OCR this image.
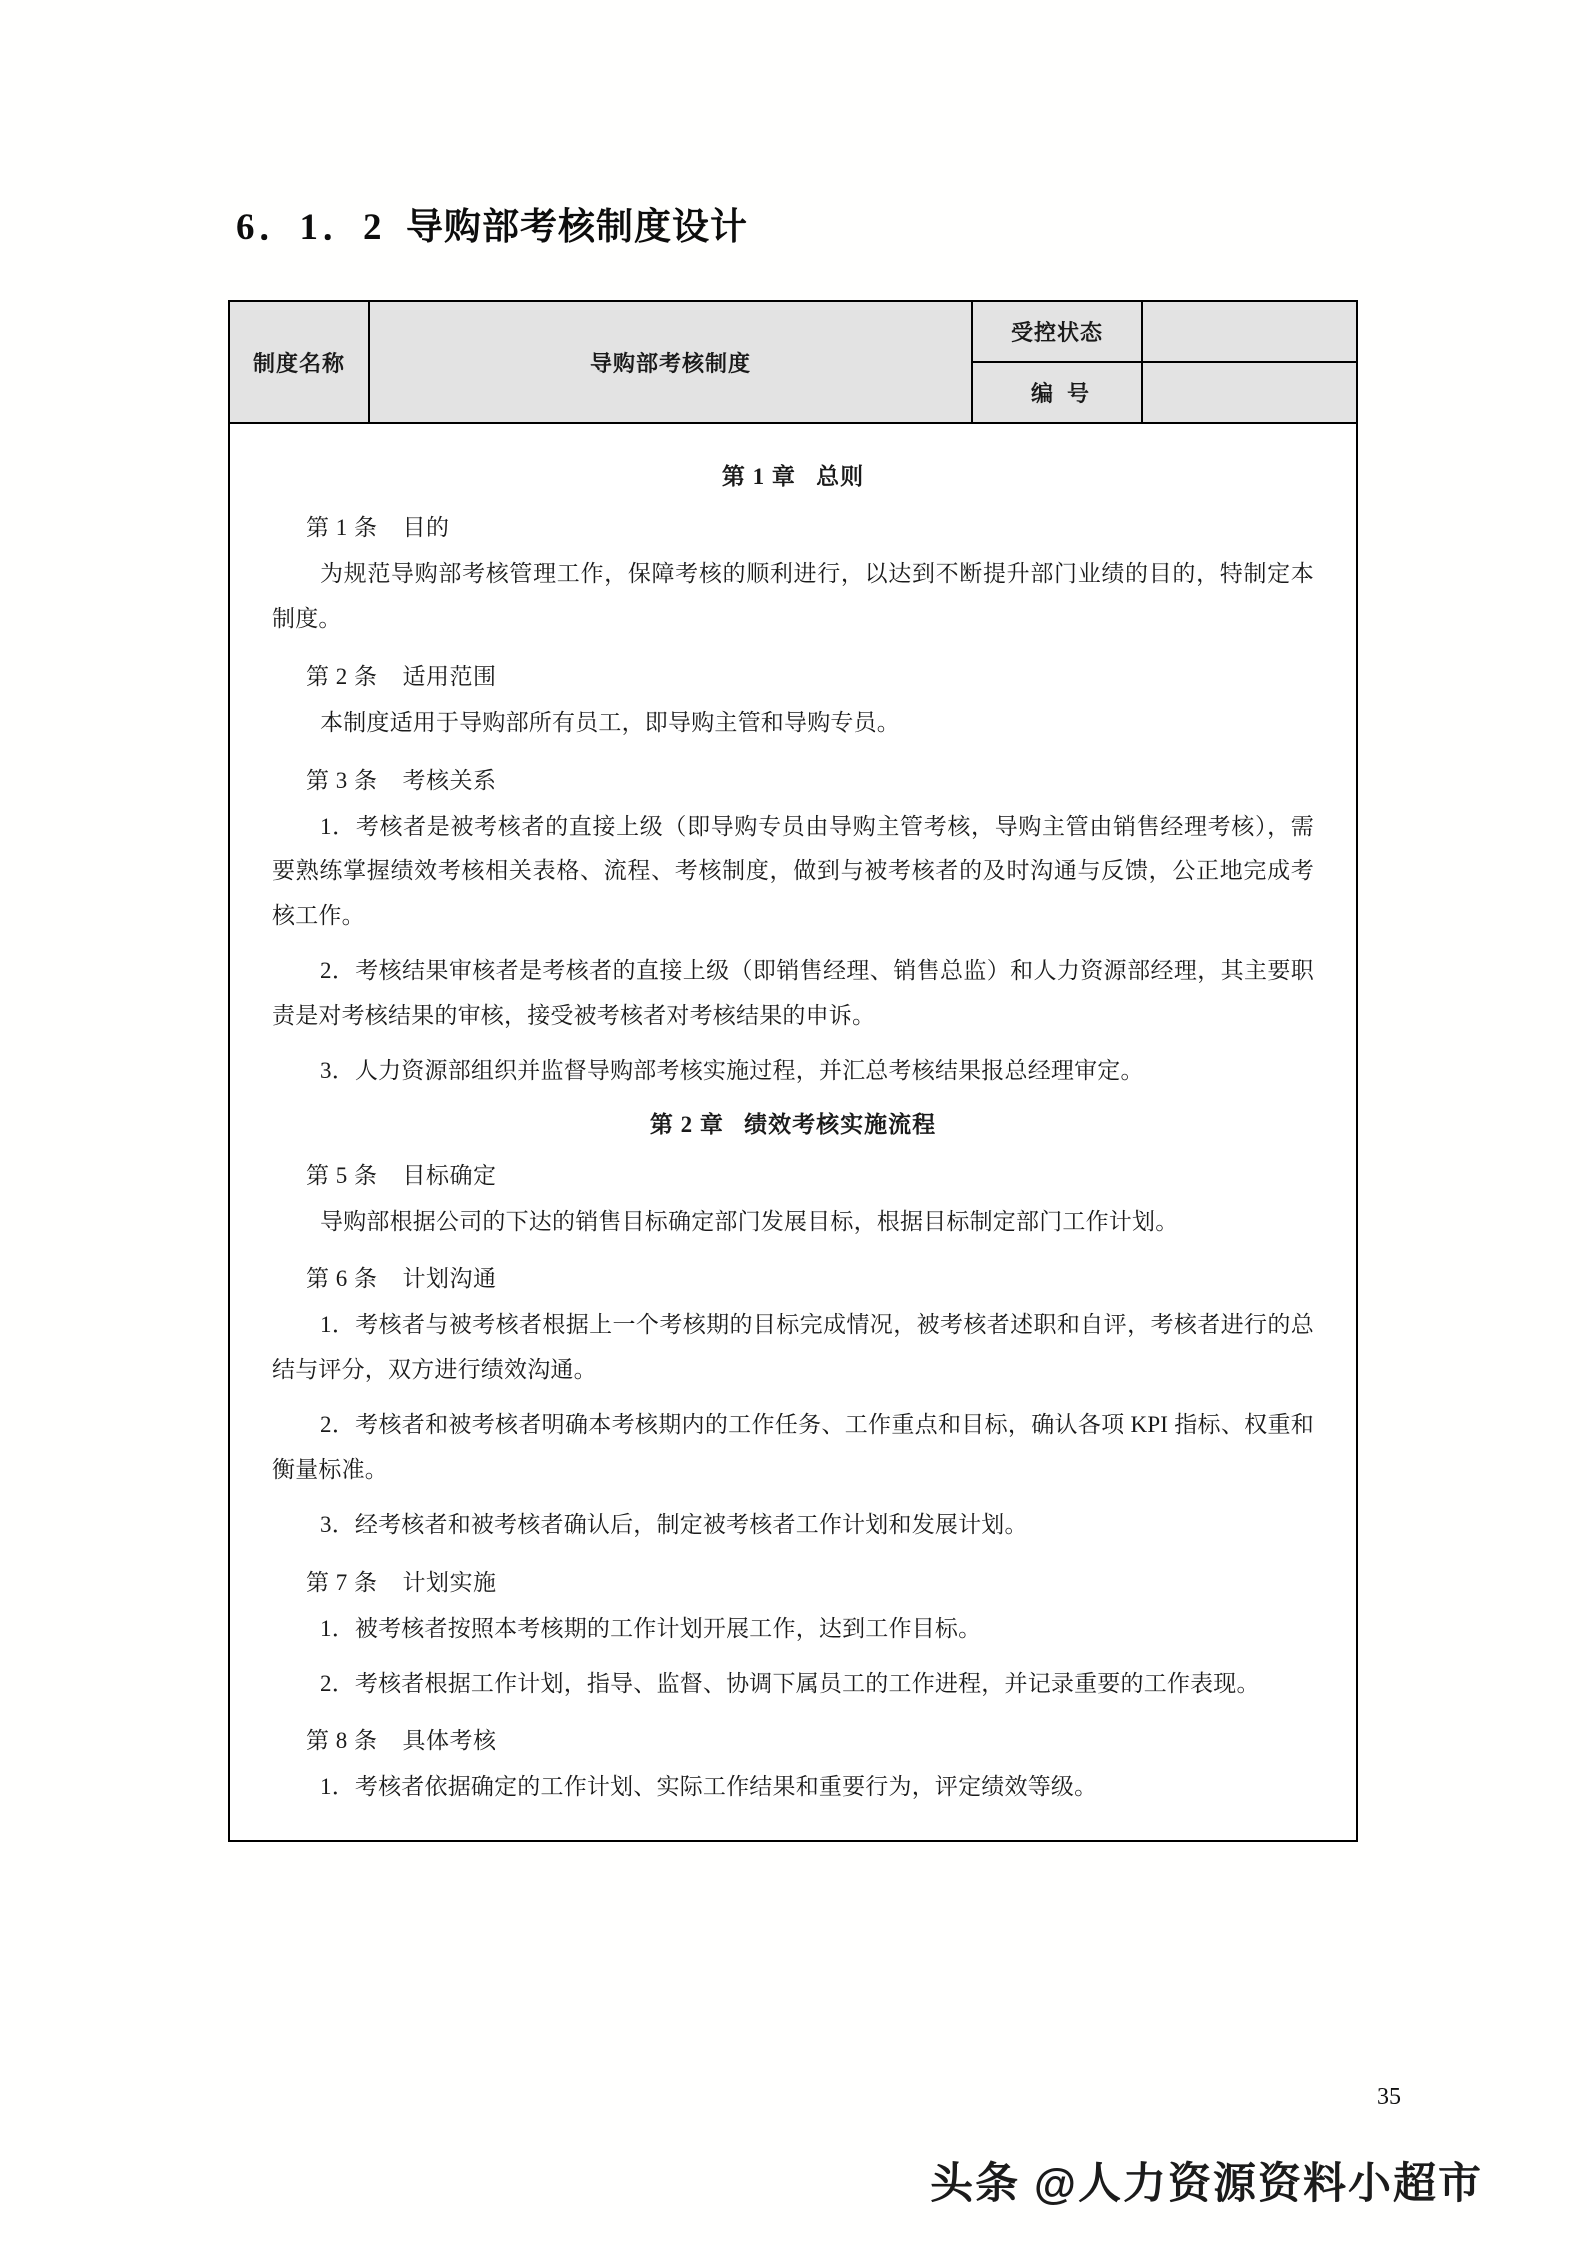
6．1．2 导购部考核制度设计
制度名称	导购部考核制度
受控状态
编 号
第 1 章   总则
第 1 条    目的
为规范导购部考核管理工作，保障考核的顺利进行，以达到不断提升部门业绩的目的，特制定本制度。
第 2 条    适用范围
本制度适用于导购部所有员工，即导购主管和导购专员。
第 3 条    考核关系
1．考核者是被考核者的直接上级（即导购专员由导购主管考核，导购主管由销售经理考核），需要熟练掌握绩效考核相关表格、流程、考核制度，做到与被考核者的及时沟通与反馈，公正地完成考核工作。
2．考核结果审核者是考核者的直接上级（即销售经理、销售总监）和人力资源部经理，其主要职责是对考核结果的审核，接受被考核者对考核结果的申诉。
3．人力资源部组织并监督导购部考核实施过程，并汇总考核结果报总经理审定。
第 2 章   绩效考核实施流程
第 5 条    目标确定
导购部根据公司的下达的销售目标确定部门发展目标，根据目标制定部门工作计划。
第 6 条    计划沟通
1．考核者与被考核者根据上一个考核期的目标完成情况，被考核者述职和自评，考核者进行的总结与评分，双方进行绩效沟通。
2．考核者和被考核者明确本考核期内的工作任务、工作重点和目标，确认各项 KPI 指标、权重和衡量标准。
3．经考核者和被考核者确认后，制定被考核者工作计划和发展计划。
第 7 条    计划实施
1．被考核者按照本考核期的工作计划开展工作，达到工作目标。
2．考核者根据工作计划，指导、监督、协调下属员工的工作进程，并记录重要的工作表现。
第 8 条    具体考核
1．考核者依据确定的工作计划、实际工作结果和重要行为，评定绩效等级。
35
头条 @人力资源资料小超市
